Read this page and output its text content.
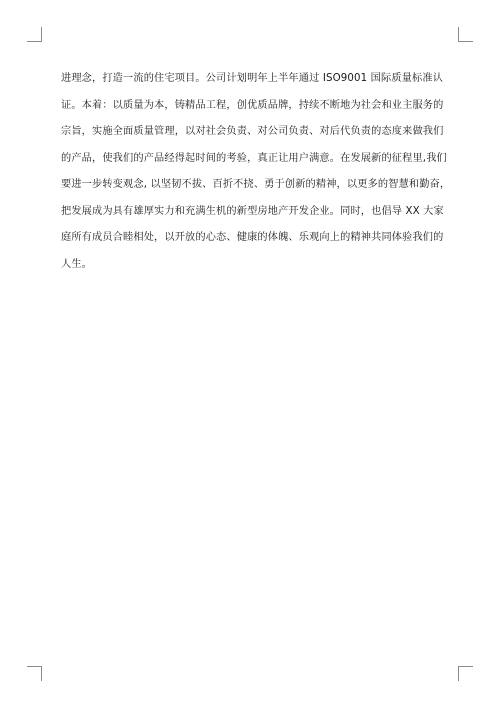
进理念，打造一流的住宅项目。公司计划明年上半年通过 ISO9001 国际质量标准认
证。本着：以质量为本，铸精品工程，创优质品牌，持续不断地为社会和业主服务的
宗旨，实施全面质量管理，以对社会负责、对公司负责、对后代负责的态度来做我们
的产品，使我们的产品经得起时间的考验，真正让用户满意。在发展新的征程里,我们
要进一步转变观念, 以坚韧不拔、百折不挠、勇于创新的精神，以更多的智慧和勤奋，
把发展成为具有雄厚实力和充满生机的新型房地产开发企业。同时，也倡导 XX 大家
庭所有成员合睦相处，以开放的心态、健康的体魄、乐观向上的精神共同体验我们的
人生。
